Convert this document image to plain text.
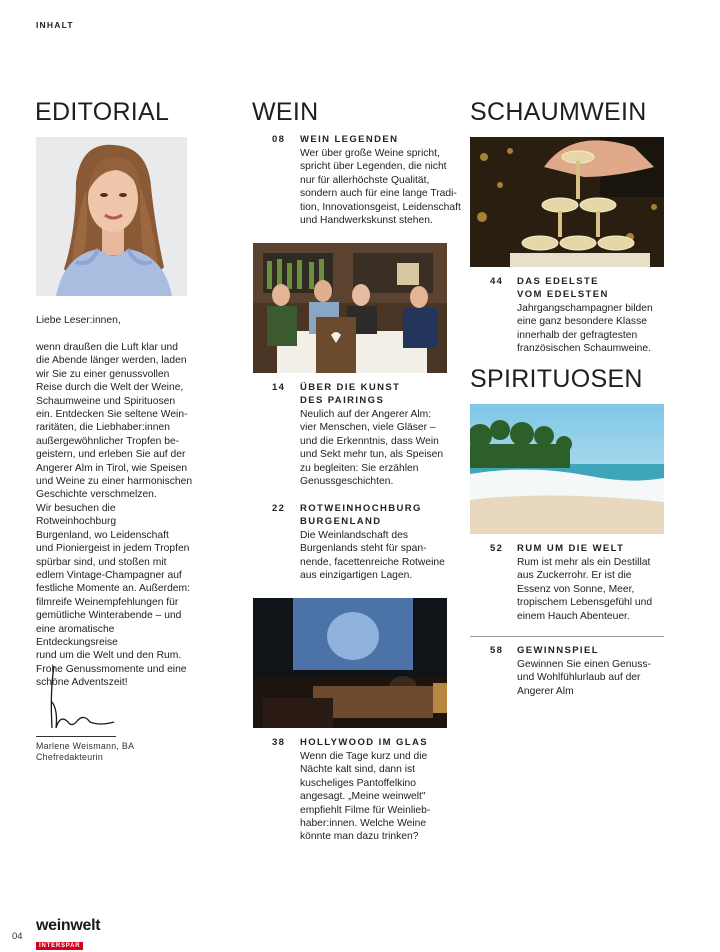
INHALT
EDITORIAL
Liebe Leser:innen,
wenn draußen die Luft klar und
die Abende länger werden, laden
wir Sie zu einer genussvollen
Reise durch die Welt der Weine,
Schaumweine und Spirituosen
ein. Entdecken Sie seltene Wein-
raritäten, die Liebhaber:innen
außergewöhnlicher Tropfen be-
geistern, und erleben Sie auf der
Angerer Alm in Tirol, wie Speisen
und Weine zu einer harmonischen
Geschichte verschmelzen.
Wir besuchen die Rotweinhochburg
Burgenland, wo Leidenschaft
und Pioniergeist in jedem Tropfen
spürbar sind, und stoßen mit
edlem Vintage-Champagner auf
festliche Momente an. Außerdem:
filmreife Weinempfehlungen für
gemütliche Winterabende – und
eine aromatische Entdeckungsreise
rund um die Welt und den Rum.
Frohe Genussmomente und eine
schöne Adventszeit!
Marlene Weismann, BA
Chefredakteurin
WEIN
08 WEIN LEGENDEN
Wer über große Weine spricht,
spricht über Legenden, die nicht
nur für allerhöchste Qualität,
sondern auch für eine lange Tradi-
tion, Innovationsgeist, Leidenschaft
und Handwerkskunst stehen.
14 ÜBER DIE KUNST
DES PAIRINGS
Neulich auf der Angerer Alm:
vier Menschen, viele Gläser –
und die Erkenntnis, dass Wein
und Sekt mehr tun, als Speisen
zu begleiten: Sie erzählen
Genussgeschichten.
22 ROTWEINHOCHBURG
BURGENLAND
Die Weinlandschaft des
Burgenlands steht für span-
nende, facettenreiche Rotweine
aus einzigartigen Lagen.
38 HOLLYWOOD IM GLAS
Wenn die Tage kurz und die
Nächte kalt sind, dann ist
kuscheliges Pantoffelkino
angesagt. „Meine weinwelt"
empfiehlt Filme für Weinlieb-
haber:innen. Welche Weine
könnte man dazu trinken?
SCHAUMWEIN
44 DAS EDELSTE
VOM EDELSTEN
Jahrgangschampagner bilden
eine ganz besondere Klasse
innerhalb der gefragtesten
französischen Schaumweine.
SPIRITUOSEN
52 RUM UM DIE WELT
Rum ist mehr als ein Destillat
aus Zuckerrohr. Er ist die
Essenz von Sonne, Meer,
tropischem Lebensgefühl und
einem Hauch Abenteuer.
58 GEWINNSPIEL
Gewinnen Sie einen Genuss-
und Wohlfühlurlaub auf der
Angerer Alm
04
weinwelt
INTERSPAR
